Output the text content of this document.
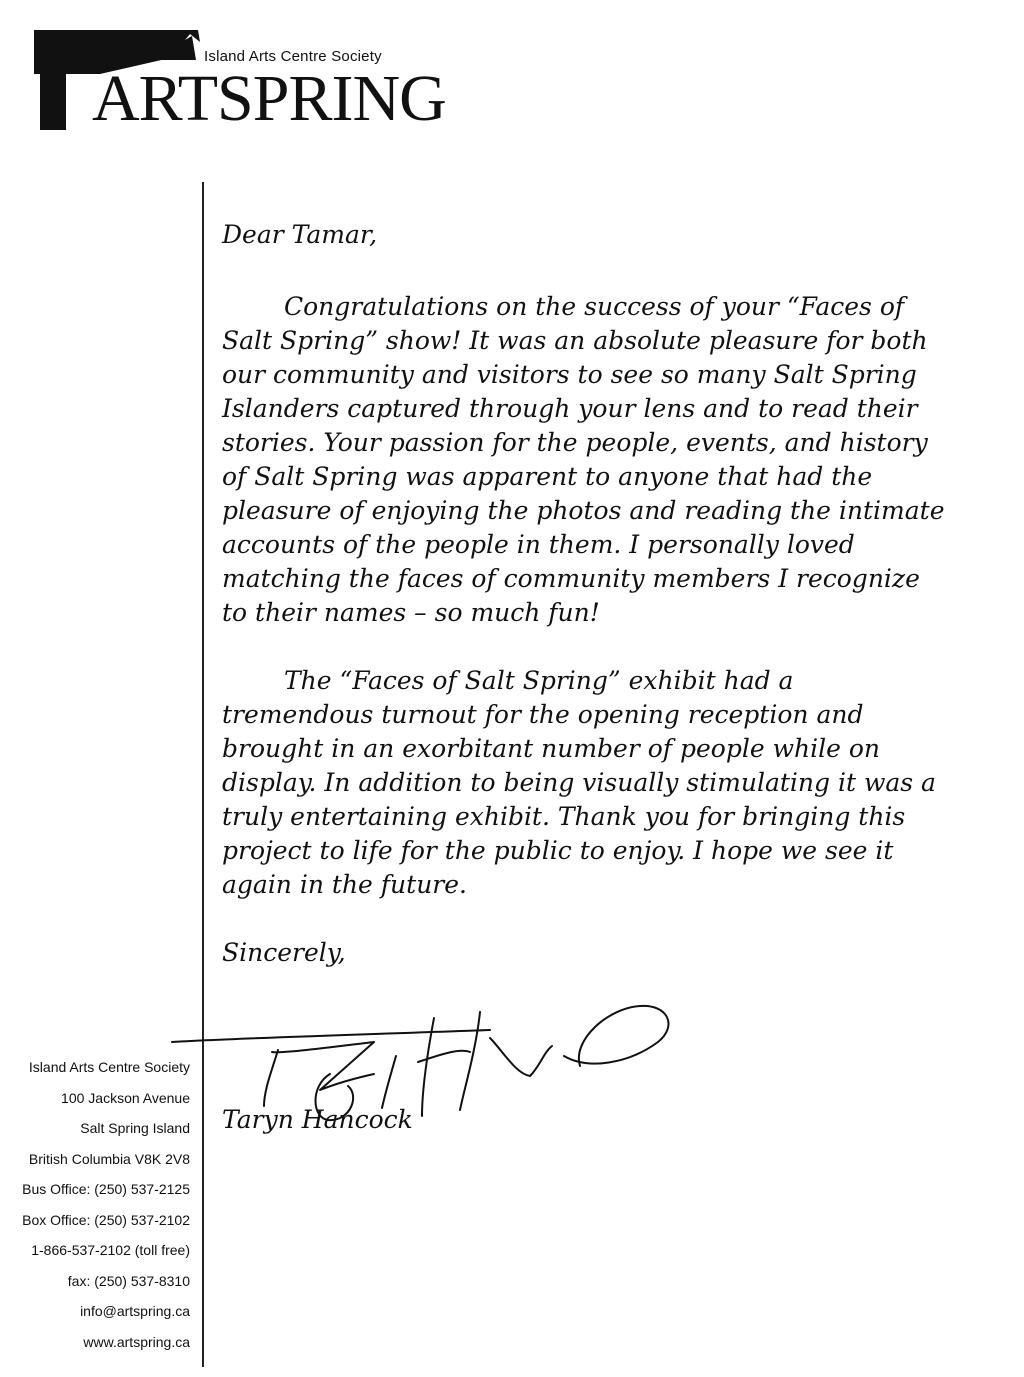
Island Arts Centre Society
ARTSPRING

Dear Tamar,

Congratulations on the success of your “Faces of Salt Spring” show! It was an absolute pleasure for both our community and visitors to see so many Salt Spring Islanders captured through your lens and to read their stories. Your passion for the people, events, and history of Salt Spring was apparent to anyone that had the pleasure of enjoying the photos and reading the intimate accounts of the people in them. I personally loved matching the faces of community members I recognize to their names – so much fun!

The “Faces of Salt Spring” exhibit had a tremendous turnout for the opening reception and brought in an exorbitant number of people while on display. In addition to being visually stimulating it was a truly entertaining exhibit. Thank you for bringing this project to life for the public to enjoy. I hope we see it again in the future.

Sincerely,

Taryn Hancock
Island Arts Centre Society
100 Jackson Avenue
Salt Spring Island
British Columbia V8K 2V8
Bus Office: (250) 537-2125
Box Office: (250) 537-2102
1-866-537-2102 (toll free)
fax: (250) 537-8310
info@artspring.ca
www.artspring.ca
